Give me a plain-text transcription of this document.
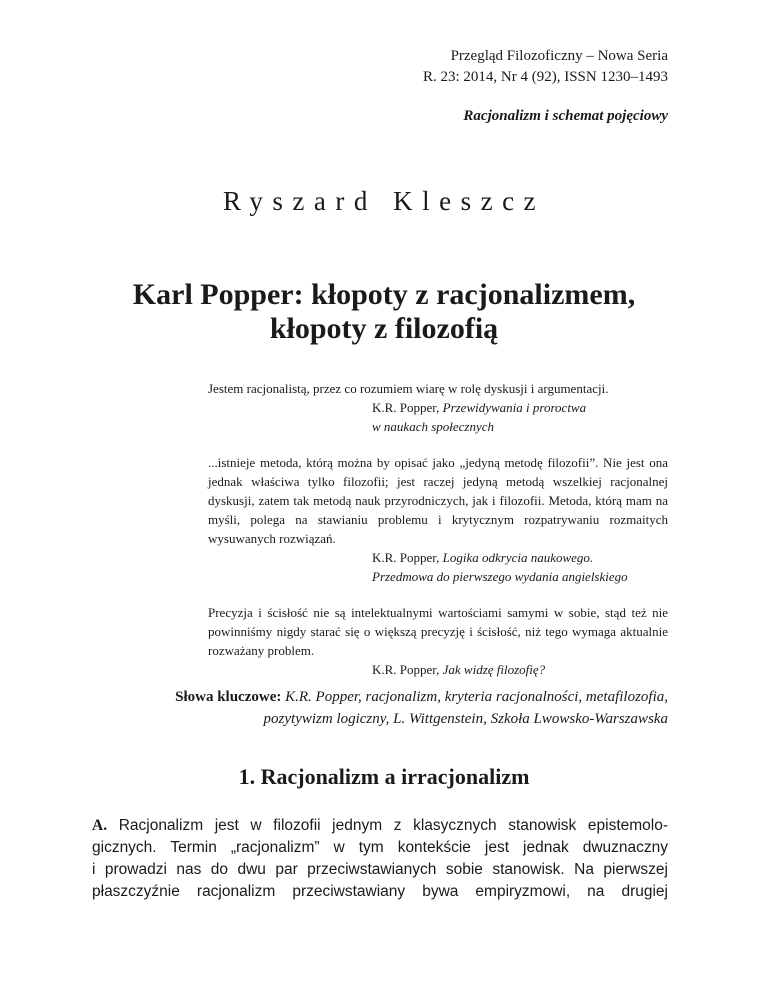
Przegląd Filozoficzny – Nowa Seria
R. 23: 2014, Nr 4 (92), ISSN 1230–1493
Racjonalizm i schemat pojęciowy
Ryszard Kleszcz
Karl Popper: kłopoty z racjonalizmem,
kłopoty z filozofią
Jestem racjonalistą, przez co rozumiem wiarę w rolę dyskusji i argumentacji.
K.R. Popper, Przewidywania i proroctwa
w naukach społecznych
...istnieje metoda, którą można by opisać jako „jedyną metodę filozofii”. Nie jest ona jednak właściwa tylko filozofii; jest raczej jedyną metodą wszelkiej racjonalnej dyskusji, zatem tak metodą nauk przyrodniczych, jak i filozofii. Metoda, którą mam na myśli, polega na stawianiu problemu i krytycznym rozpatrywaniu rozmaitych wysuwanych rozwiązań.
K.R. Popper, Logika odkrycia naukowego.
Przedmowa do pierwszego wydania angielskiego
Precyzja i ścisłość nie są intelektualnymi wartościami samymi w sobie, stąd też nie powinniśmy nigdy starać się o większą precyzję i ścisłość, niż tego wymaga aktualnie rozważany problem.
K.R. Popper, Jak widzę filozofię?
Słowa kluczowe: K.R. Popper, racjonalizm, kryteria racjonalności, metafilozofia,
pozytywizm logiczny, L. Wittgenstein, Szkoła Lwowsko-Warszawska
1. Racjonalizm a irracjonalizm
A. Racjonalizm jest w filozofii jednym z klasycznych stanowisk epistemolo-
gicznych. Termin „racjonalizm” w tym kontekście jest jednak dwuznaczny
i prowadzi nas do dwu par przeciwstawianych sobie stanowisk. Na pierwszej
płaszczyźnie racjonalizm przeciwstawiany bywa empiryzmowi, na drugiej
